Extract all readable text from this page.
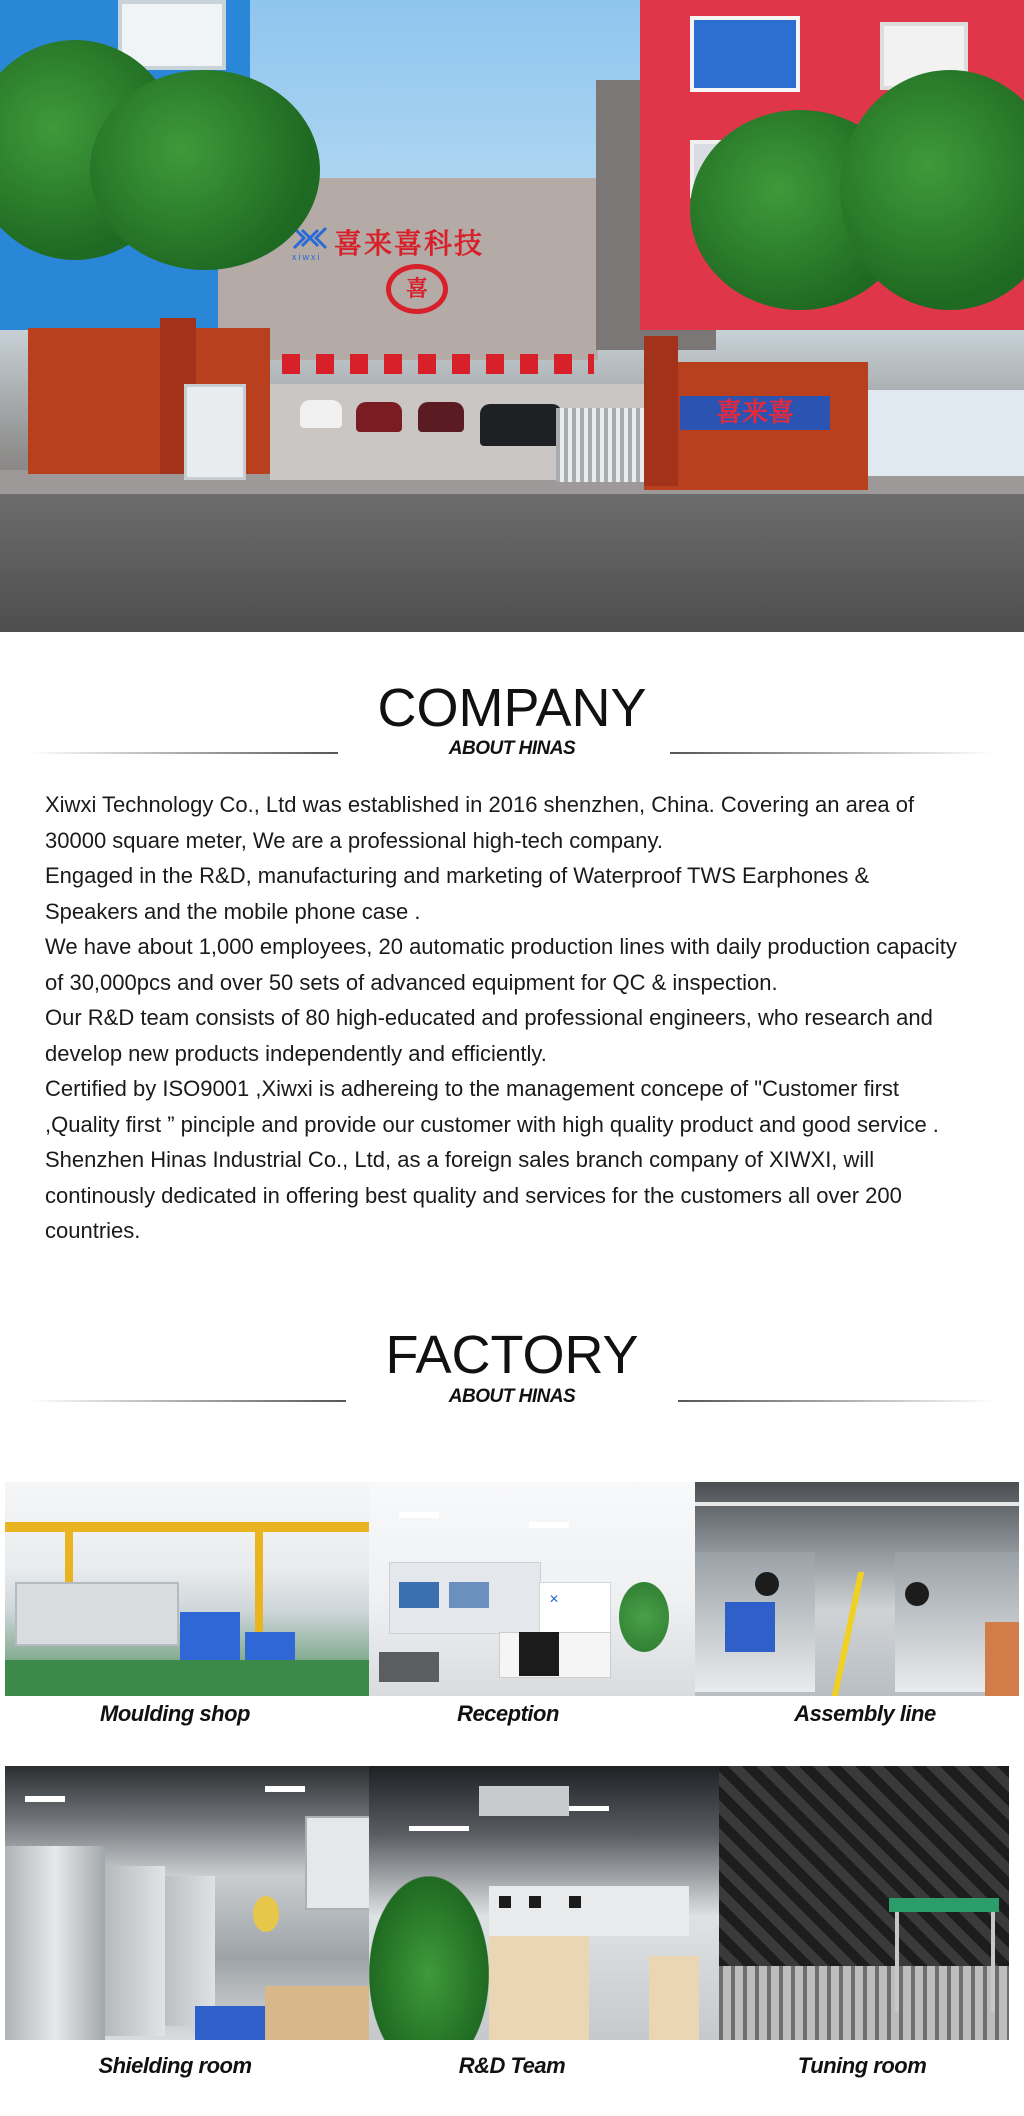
喜来喜科技
xiwxi
喜
喜来喜
COMPANY
ABOUT HINAS

Xiwxi Technology Co., Ltd was established in 2016 shenzhen, China. Covering an area of 30000 square meter, We are a professional high-tech company.

Engaged in the R&D, manufacturing and marketing of Waterproof TWS Earphones & Speakers and the mobile phone case .

We have about 1,000 employees, 20 automatic production lines with daily production capacity of 30,000pcs and over 50 sets of advanced equipment for QC & inspection.

Our R&D team consists of 80 high-educated and professional engineers, who research and develop new products independently and efficiently.

Certified by ISO9001 ,Xiwxi is adhereing to the management concepe of "Customer first ,Quality first ” pinciple and provide our customer with high quality product and good service .

Shenzhen Hinas Industrial Co., Ltd, as a foreign sales branch company of XIWXI, will continously dedicated in offering best quality and services for the customers all over 200 countries.

FACTORY
ABOUT HINAS
✕
Moulding shop	Reception	Assembly line
Shielding room	R&D Team	Tuning room
